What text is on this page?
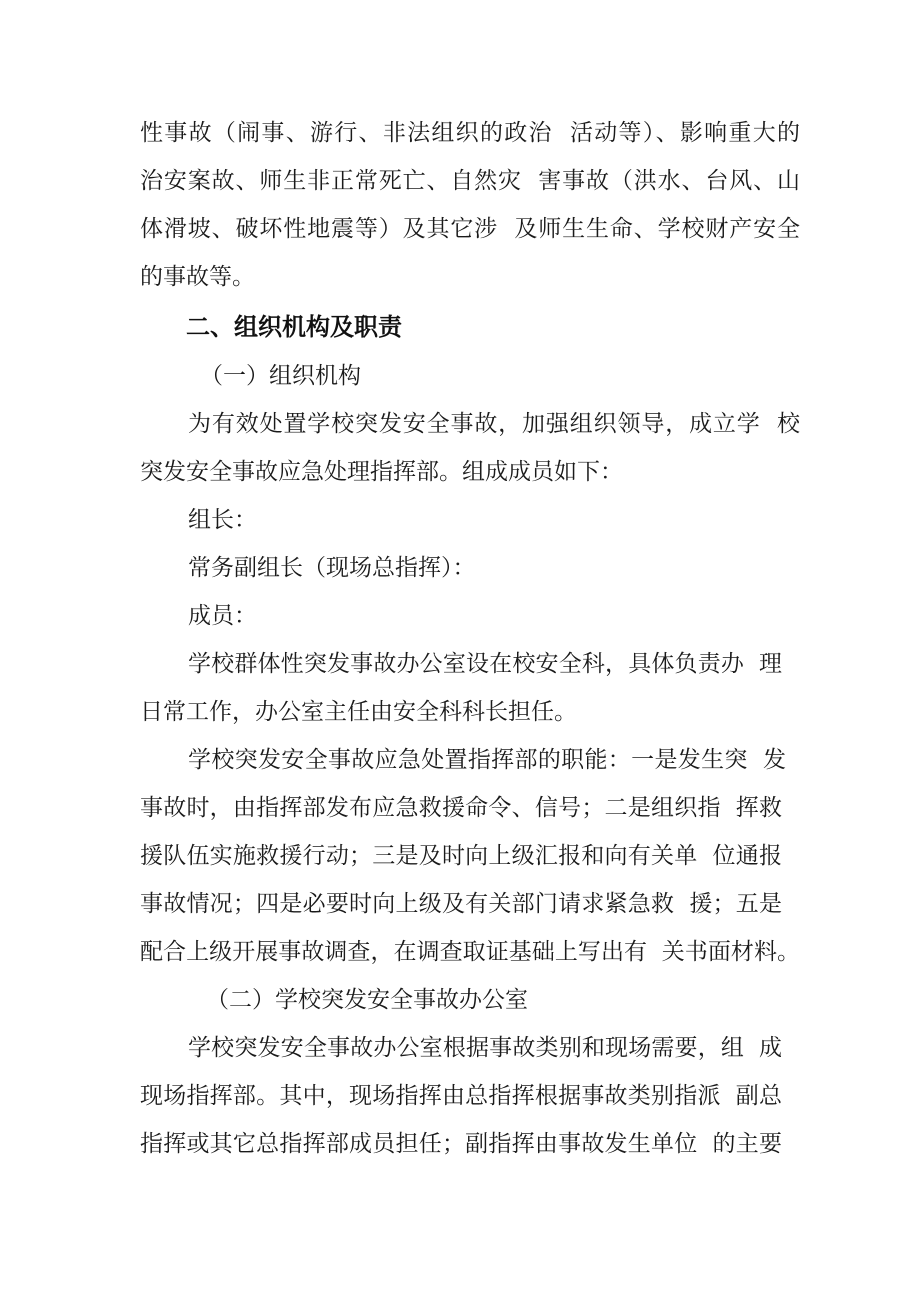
性事故（闹事、游行、非法组织的政治  活动等）、影响重大的
治安案故、师生非正常死亡、自然灾  害事故（洪水、台风、山
体滑坡、破坏性地震等）及其它涉  及师生生命、学校财产安全
的事故等。
二、组织机构及职责
（一）组织机构
为有效处置学校突发安全事故，加强组织领导，成立学  校
突发安全事故应急处理指挥部。组成成员如下：
组长：
常务副组长（现场总指挥）：
成员：
学校群体性突发事故办公室设在校安全科，具体负责办  理
日常工作，办公室主任由安全科科长担任。
学校突发安全事故应急处置指挥部的职能：一是发生突  发
事故时，由指挥部发布应急救援命令、信号；二是组织指  挥救
援队伍实施救援行动；三是及时向上级汇报和向有关单  位通报
事故情况；四是必要时向上级及有关部门请求紧急救  援；五是
配合上级开展事故调查，在调查取证基础上写出有  关书面材料。
（二）学校突发安全事故办公室
学校突发安全事故办公室根据事故类别和现场需要，组  成
现场指挥部。其中，现场指挥由总指挥根据事故类别指派  副总
指挥或其它总指挥部成员担任；副指挥由事故发生单位  的主要
